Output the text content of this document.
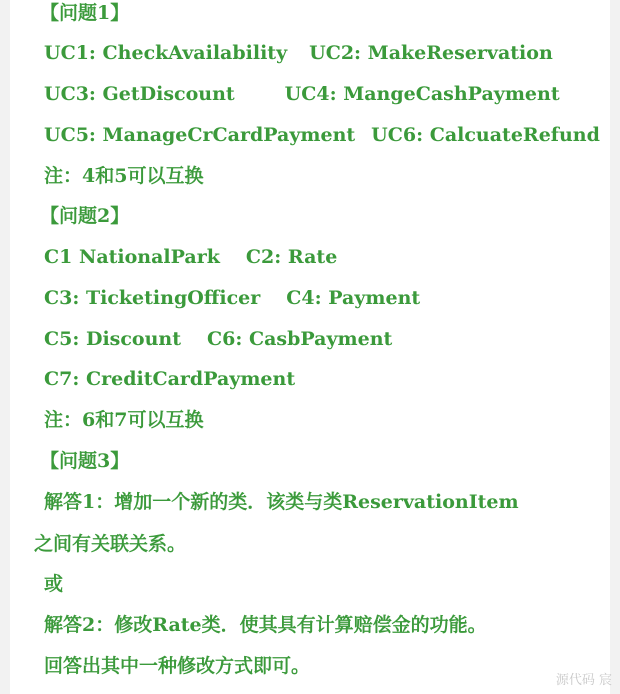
【问题1】
UC1: CheckAvailability UC2: MakeReservation
UC3: GetDiscount	UC4: MangeCashPayment
UC5: ManageCrCardPayment UC6: CalcuateRefund
注：4和5可以互换
【问题2】
C1 NationalPark C2: Rate
C3: TicketingOfficer C4: Payment
C5: Discount C6: CasbPayment
C7: CreditCardPayment
注：6和7可以互换
【问题3】
解答1：增加一个新的类．该类与类ReservationItem
之间有关联关系。
或
解答2：修改Rate类．使其具有计算赔偿金的功能。
回答出其中一种修改方式即可。
源代码 宸
